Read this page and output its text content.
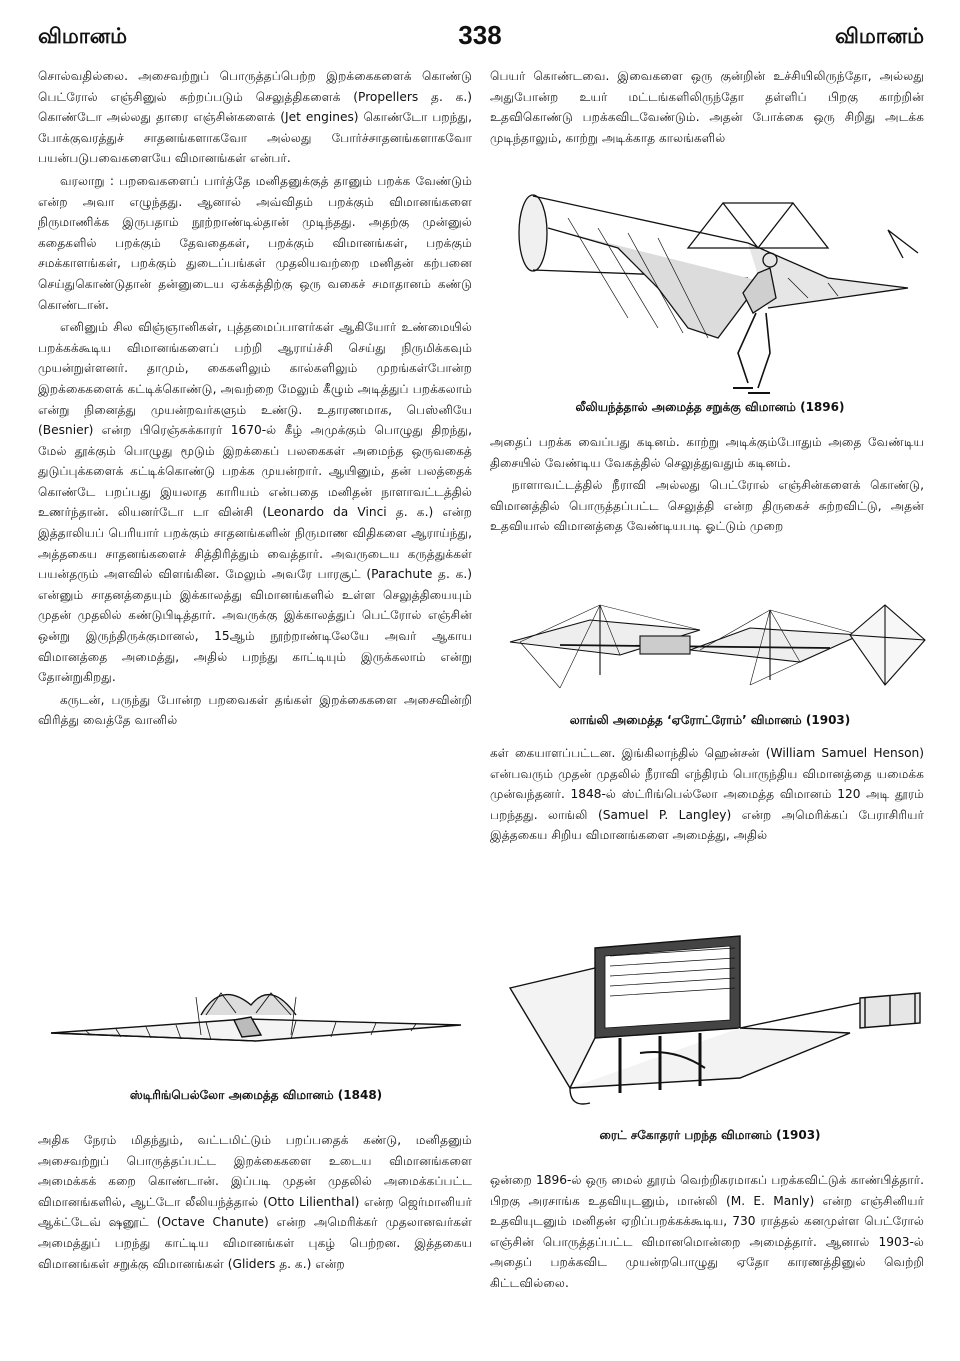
விமானம்	338	விமானம்

சொல்வதில்லை. அசைவற்றுப் பொருத்தப்பெற்ற இறக்கைகளைக் கொண்டு பெட்ரோல் எஞ்சினுல் சுற்றப்படும் செலுத்திகளைக் (Propellers த. க.) கொண்டோ அல்லது தாரை எஞ்சின்களைக் (Jet engines) கொண்டோ பறந்து, போக்குவரத்துச் சாதனங்களாகவோ அல்லது போர்ச்சாதனங்களாகவோ பயன்படுபவைகளையே விமானங்கள் என்பர்.

வரலாறு : பறவைகளைப் பார்த்தே மனிதனுக்குத் தானும் பறக்க வேண்டும் என்ற அவா எழுந்தது. ஆனால் அவ்விதம் பறக்கும் விமானங்களை நிருமாணிக்க இருபதாம் நூற்றாண்டில்தான் முடிந்தது. அதற்கு முன்னுல் கதைகளில் பறக்கும் தேவதைகள், பறக்கும் விமானங்கள், பறக்கும் சமக்காளங்கள், பறக்கும் துடைப்பங்கள் முதலியவற்றை மனிதன் கற்பனை செய்துகொண்டுதான் தன்னுடைய ஏக்கத்திற்கு ஒரு வகைச் சமாதானம் கண்டு கொண்டான்.

எனினும் சில விஞ்ஞானிகள், புத்தமைப்பாளர்கள் ஆகியோர் உண்மையில் பறக்கக்கூடிய விமானங்களைப் பற்றி ஆராய்ச்சி செய்து நிருமிக்கவும் முயன்றுள்ளனர். தாமும், கைகளிலும் கால்களிலும் முறங்கள்போன்ற இறக்கைகளைக் கட்டிக்கொண்டு, அவற்றை மேலும் கீழும் அடித்துப் பறக்கலாம் என்று நினைத்து முயன்றவர்களும் உண்டு. உதாரணமாக, பெஸ்னியே (Besnier) என்ற பிரெஞ்சுக்காரர் 1670-ல் கீழ் அமுக்கும் பொழுது திறந்து, மேல் தூக்கும் பொழுது மூடும் இறக்கைப் பலகைகள் அமைந்த ஒருவகைத் துடுப்புக்களைக் கட்டிக்கொண்டு பறக்க முயன்றார். ஆயினும், தன் பலத்தைக் கொண்டே பறப்பது இயலாத காரியம் என்பதை மனிதன் நாளாவட்டத்தில் உணர்ந்தான். லியனர்டோ டா வின்சி (Leonardo da Vinci த. க.) என்ற இத்தாலியப் பெரியார் பறக்கும் சாதனங்களின் நிருமாண விதிகளை ஆராய்ந்து, அத்தகைய சாதனங்களைச் சித்திரித்தும் வைத்தார். அவருடைய கருத்துக்கள் பயன்தரும் அளவில் விளங்கின. மேலும் அவரே பாரசூட் (Parachute த. க.) என்னும் சாதனத்தையும் இக்காலத்து விமானங்களில் உள்ள செலுத்தியையும் முதன் முதலில் கண்டுபிடித்தார். அவருக்கு இக்காலத்துப் பெட்ரோல் எஞ்சின் ஒன்று இருந்திருக்குமானல், 15ஆம் நூற்றாண்டிலேயே அவர் ஆகாய விமானத்தை அமைத்து, அதில் பறந்து காட்டியும் இருக்கலாம் என்று தோன்றுகிறது.

கருடன், பருந்து போன்ற பறவைகள் தங்கள் இறக்கைகளை அசைவின்றி விரித்து வைத்தே வானில்

ஸ்டிரிங்பெல்லோ அமைத்த விமானம் (1848)

அதிக நேரம் மிதந்தும், வட்டமிட்டும் பறப்பதைக் கண்டு, மனிதனும் அசைவற்றுப் பொருத்தப்பட்ட இறக்கைகளை உடைய விமானங்களை அமைக்கக் கறை கொண்டான். இப்படி முதன் முதலில் அமைக்கப்பட்ட விமானங்களில், ஆட்டோ லீலியந்த்தால் (Otto Lilienthal) என்ற ஜெர்மானியர் ஆக்ட்டேவ் ஷனூட் (Octave Chanute) என்ற அமெரிக்கர் முதலானவர்கள் அமைத்துப் பறந்து காட்டிய விமானங்கள் புகழ் பெற்றன. இத்தகைய விமானங்கள் சறுக்கு விமானங்கள் (Gliders த. க.) என்ற

பெயர் கொண்டவை. இவைகளை ஒரு குன்றின் உச்சியிலிருந்தோ, அல்லது அதுபோன்ற உயர் மட்டங்களிலிருந்தோ தள்ளிப் பிறகு காற்றின் உதவிகொண்டு பறக்கவிடவேண்டும். அதன் போக்கை ஒரு சிறிது அடக்க முடிந்தாலும், காற்று அடிக்காத காலங்களில்

லீலியந்த்தால் அமைத்த சறுக்கு விமானம் (1896)

அதைப் பறக்க வைப்பது கடினம். காற்று அடிக்கும்போதும் அதை வேண்டிய திசையில் வேண்டிய வேகத்தில் செலுத்துவதும் கடினம்.

நாளாவட்டத்தில் நீராவி அல்லது பெட்ரோல் எஞ்சின்களைக் கொண்டு, விமானத்தில் பொருத்தப்பட்ட செலுத்தி என்ற திருகைச் சுற்றவிட்டு, அதன் உதவியால் விமானத்தை வேண்டியபடி ஓட்டும் முறை

லாங்லி அமைத்த ‘ஏரோட்ரோம்’ விமானம் (1903)

கள் கையாளப்பட்டன. இங்கிலாந்தில் ஹென்சன் (William Samuel Henson) என்பவரும் முதன் முதலில் நீராவி எந்திரம் பொருந்திய விமானத்தை யமைக்க முன்வந்தனர். 1848-ல் ஸ்ட்ரிங்பெல்லோ அமைத்த விமானம் 120 அடி தூரம் பறந்தது. லாங்லி (Samuel P. Langley) என்ற அமெரிக்கப் பேராசிரியர் இத்தகைய சிறிய விமானங்களை அமைத்து, அதில்

ரைட் சகோதரர் பறந்த விமானம் (1903)

ஒன்றை 1896-ல் ஒரு மைல் தூரம் வெற்றிகரமாகப் பறக்கவிட்டுக் காண்பித்தார். பிறகு அரசாங்க உதவியுடனும், மான்லி (M. E. Manly) என்ற எஞ்சினியர் உதவியுடனும் மனிதன் ஏறிப்பறக்கக்கூடிய, 730 ராத்தல் கனமுள்ள பெட்ரோல் எஞ்சின் பொருத்தப்பட்ட விமானமொன்றை அமைத்தார். ஆனால் 1903-ல் அதைப் பறக்கவிட முயன்றபொழுது ஏதோ காரணத்தினுல் வெற்றி கிட்டவில்லை.
